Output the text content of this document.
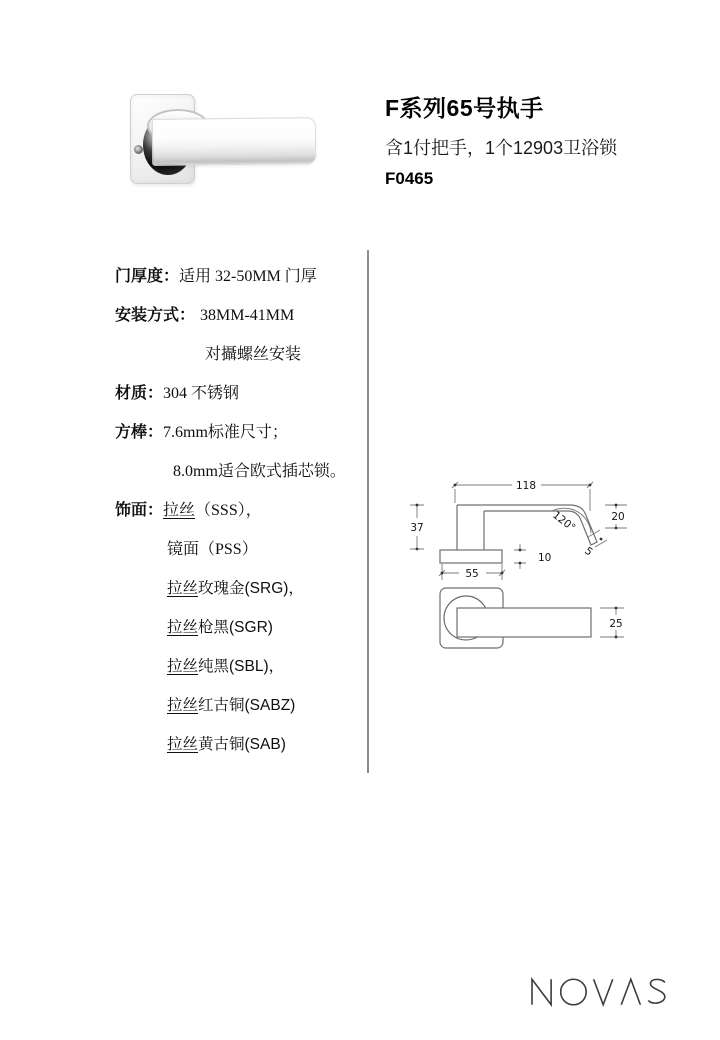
F系列65号执手
含1付把手，1个12903卫浴锁
F0465
门厚度：适用 32-50MM 门厚
安装方式： 38MM-41MM
对攝螺丝安装
材质：304 不锈钢
方棒：7.6mm标准尺寸；
8.0mm适合欧式插芯锁。
饰面：拉丝（SSS），
镜面（PSS）
拉丝玫瑰金(SRG)，
拉丝枪黑(SGR)
拉丝纯黑(SBL)，
拉丝红古铜(SABZ)
拉丝黄古铜(SAB)
118
37
55
10
20
120°
5
25
